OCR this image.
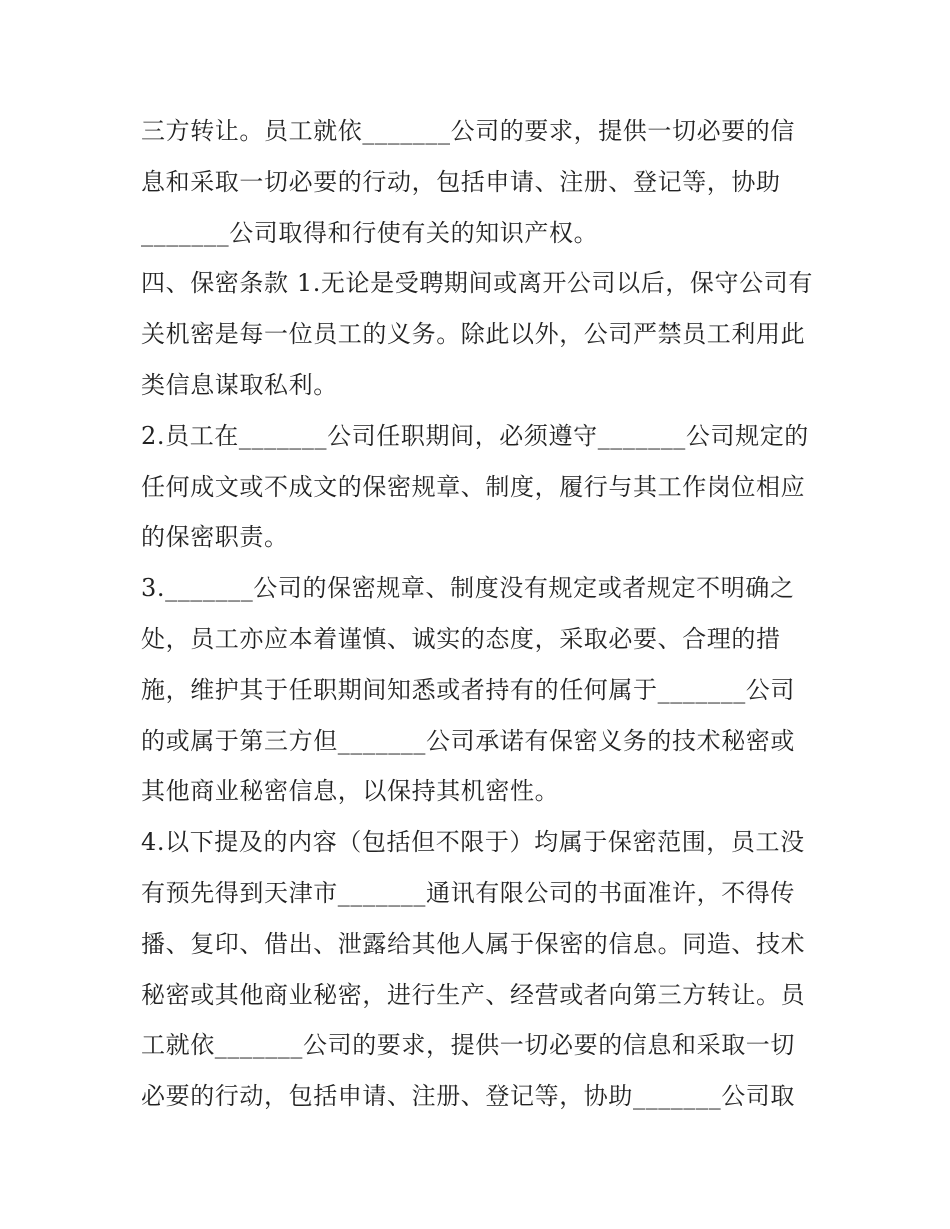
三方转让。员工就依_______公司的要求，提供一切必要的信
息和采取一切必要的行动，包括申请、注册、登记等，协助
_______公司取得和行使有关的知识产权。
四、保密条款 1.无论是受聘期间或离开公司以后，保守公司有
关机密是每一位员工的义务。除此以外，公司严禁员工利用此
类信息谋取私利。
2.员工在_______公司任职期间，必须遵守_______公司规定的
任何成文或不成文的保密规章、制度，履行与其工作岗位相应
的保密职责。
3._______公司的保密规章、制度没有规定或者规定不明确之
处，员工亦应本着谨慎、诚实的态度，采取必要、合理的措
施，维护其于任职期间知悉或者持有的任何属于_______公司
的或属于第三方但_______公司承诺有保密义务的技术秘密或
其他商业秘密信息，以保持其机密性。
4.以下提及的内容（包括但不限于）均属于保密范围，员工没
有预先得到天津市_______通讯有限公司的书面准许，不得传
播、复印、借出、泄露给其他人属于保密的信息。同造、技术
秘密或其他商业秘密，进行生产、经营或者向第三方转让。员
工就依_______公司的要求，提供一切必要的信息和采取一切
必要的行动，包括申请、注册、登记等，协助_______公司取
